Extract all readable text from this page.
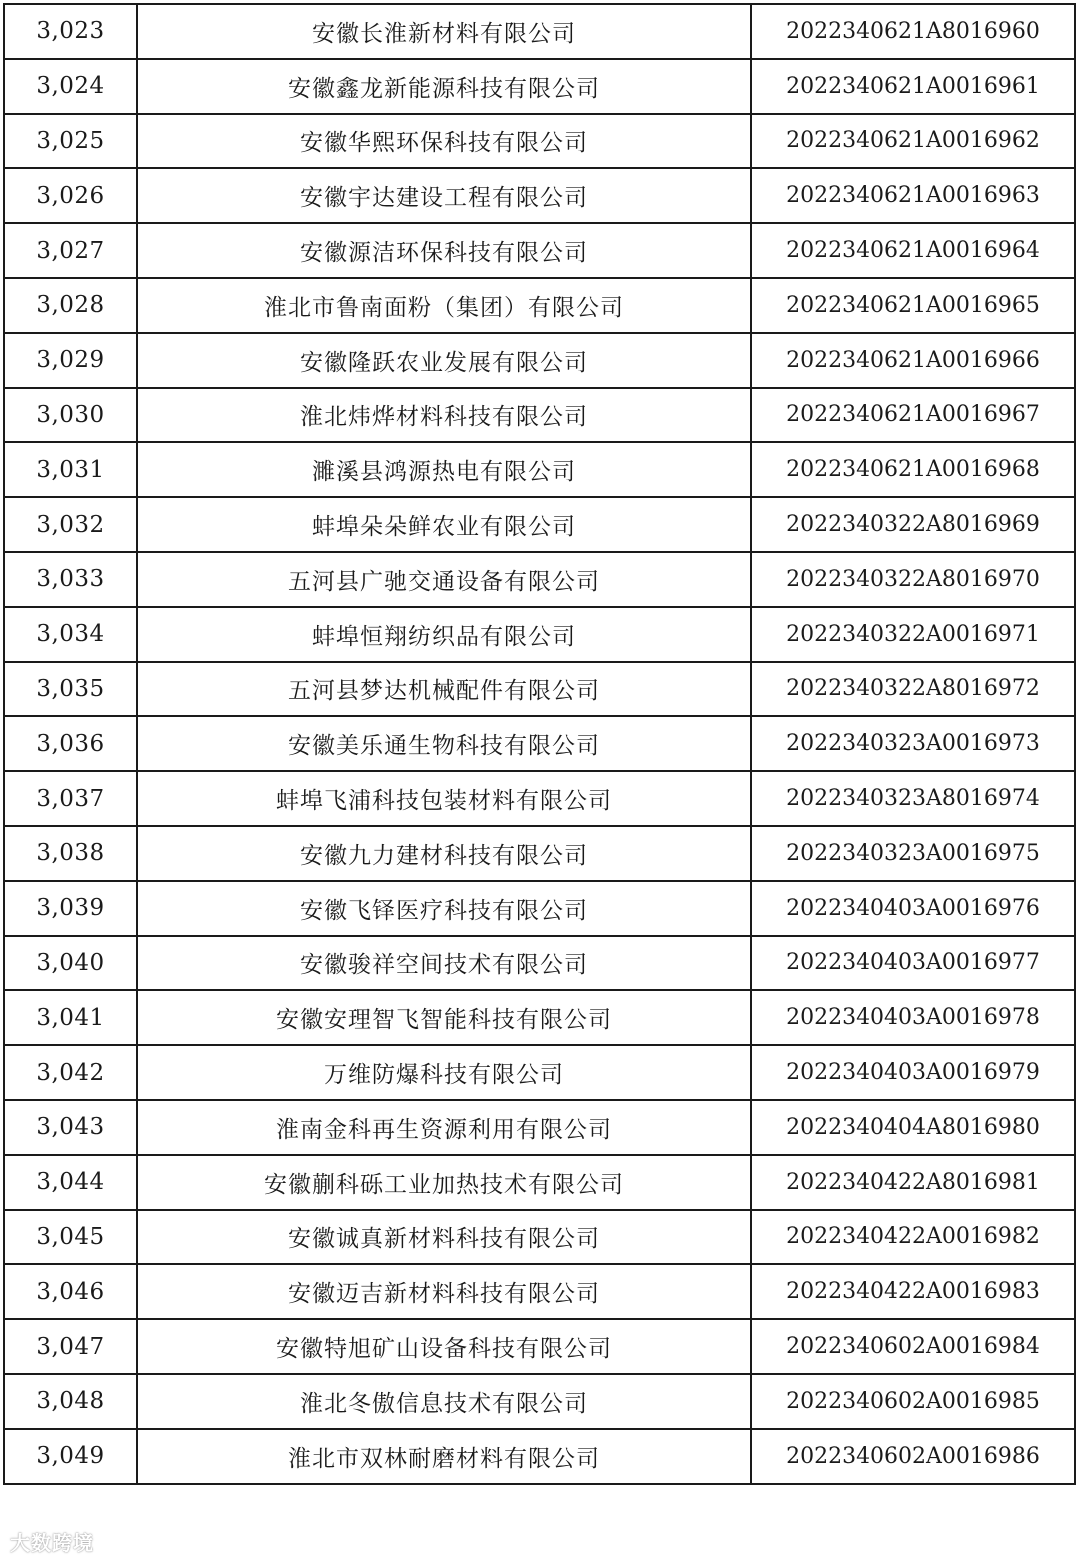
3,023	安徽长淮新材料有限公司	2022340621A8016960
3,024	安徽鑫龙新能源科技有限公司	2022340621A0016961
3,025	安徽华熙环保科技有限公司	2022340621A0016962
3,026	安徽宇达建设工程有限公司	2022340621A0016963
3,027	安徽源洁环保科技有限公司	2022340621A0016964
3,028	淮北市鲁南面粉（集团）有限公司	2022340621A0016965
3,029	安徽隆跃农业发展有限公司	2022340621A0016966
3,030	淮北炜烨材料科技有限公司	2022340621A0016967
3,031	濉溪县鸿源热电有限公司	2022340621A0016968
3,032	蚌埠朵朵鲜农业有限公司	2022340322A8016969
3,033	五河县广驰交通设备有限公司	2022340322A8016970
3,034	蚌埠恒翔纺织品有限公司	2022340322A0016971
3,035	五河县梦达机械配件有限公司	2022340322A8016972
3,036	安徽美乐通生物科技有限公司	2022340323A0016973
3,037	蚌埠飞浦科技包装材料有限公司	2022340323A8016974
3,038	安徽九力建材科技有限公司	2022340323A0016975
3,039	安徽飞铎医疗科技有限公司	2022340403A0016976
3,040	安徽骏祥空间技术有限公司	2022340403A0016977
3,041	安徽安理智飞智能科技有限公司	2022340403A0016978
3,042	万维防爆科技有限公司	2022340403A0016979
3,043	淮南金科再生资源利用有限公司	2022340404A8016980
3,044	安徽蒯科砾工业加热技术有限公司	2022340422A8016981
3,045	安徽诚真新材料科技有限公司	2022340422A0016982
3,046	安徽迈吉新材料科技有限公司	2022340422A0016983
3,047	安徽特旭矿山设备科技有限公司	2022340602A0016984
3,048	淮北冬傲信息技术有限公司	2022340602A0016985
3,049	淮北市双林耐磨材料有限公司	2022340602A0016986
大数跨境
